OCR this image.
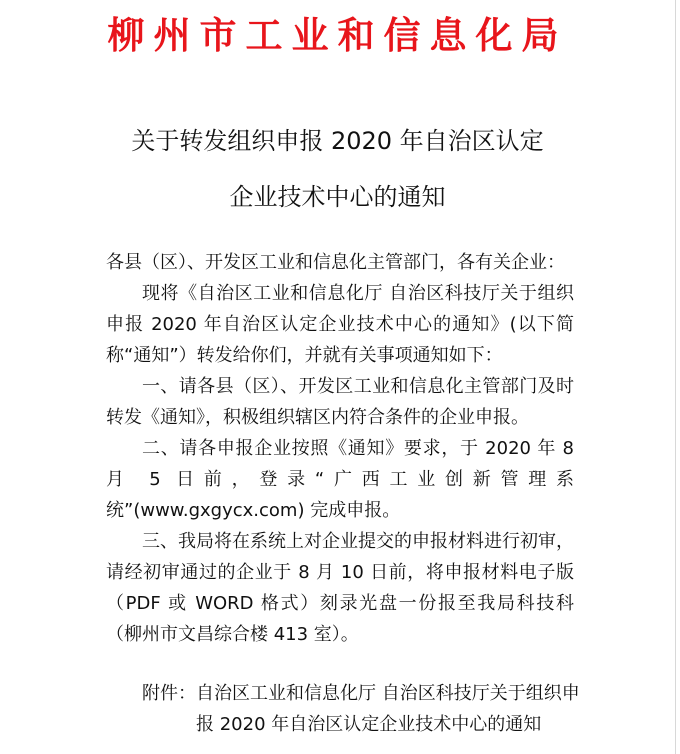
柳州市工业和信息化局
关于转发组织申报 2020 年自治区认定
企业技术中心的通知

各县（区）、开发区工业和信息化主管部门，各有关企业：

现将《自治区工业和信息化厅 自治区科技厅关于组织申报 2020 年自治区认定企业技术中心的通知》(以下简称“通知”）转发给你们，并就有关事项通知如下：

一、请各县（区）、开发区工业和信息化主管部门及时转发《通知》，积极组织辖区内符合条件的企业申报。

二、请各申报企业按照《通知》要求，于 2020 年 8 月 5 日前，登录“广西工业创新管理系统”(www.gxgycx.com) 完成申报。

三、我局将在系统上对企业提交的申报材料进行初审，请经初审通过的企业于 8 月 10 日前，将申报材料电子版（PDF 或 WORD 格式）刻录光盘一份报至我局科技科（柳州市文昌综合楼 413 室）。

附件： 自治区工业和信息化厅 自治区科技厅关于组织申报 2020 年自治区认定企业技术中心的通知
